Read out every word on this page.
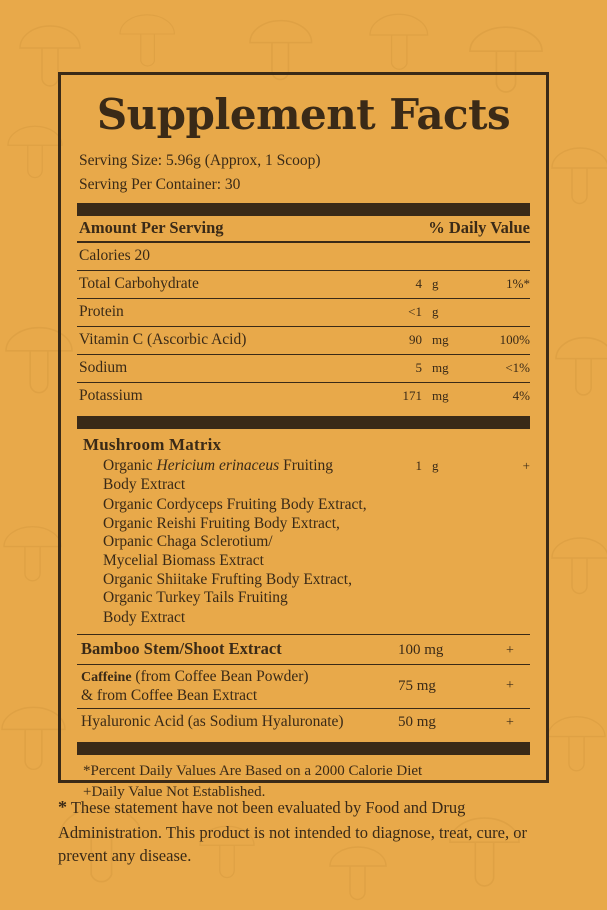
Supplement Facts
Serving Size: 5.96g (Approx, 1 Scoop)
Serving Per Container: 30
Amount Per Serving	% Daily Value
Calories 20
Total Carbohydrate	4 g	1%*
Protein	<1 g
Vitamin C (Ascorbic Acid)	90 mg	100%
Sodium	5 mg	<1%
Potassium	171 mg	4%
Mushroom Matrix
Organic Hericium erinaceus Fruiting	1 g	+
Body Extract
Organic Cordyceps Fruiting Body Extract,
Organic Reishi Fruiting Body Extract,
Orpanic Chaga Sclerotium/
Mycelial Biomass Extract
Organic Shiitake Frufting Body Extract,
Organic Turkey Tails Fruiting
Body Extract
Bamboo Stem/Shoot Extract	100 mg	+
Caffeine (from Coffee Bean Powder)
& from Coffee Bean Extract
75 mg	+
Hyaluronic Acid (as Sodium Hyaluronate)	50 mg	+
*Percent Daily Values Are Based on a 2000 Calorie Diet
+Daily Value Not Established.
* These statement have not been evaluated by Food and Drug Administration. This product is not intended to diagnose, treat, cure, or prevent any disease.
